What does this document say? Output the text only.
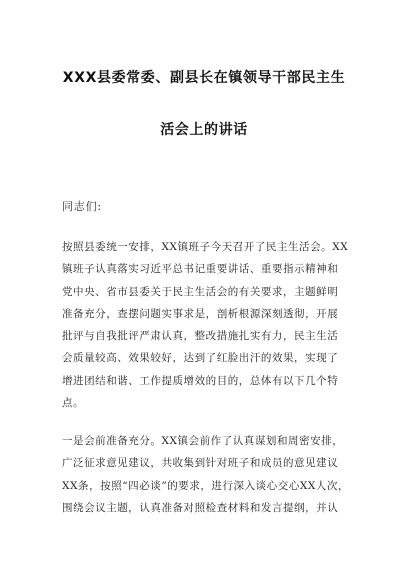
XXX县委常委、副县长在镇领导干部民主生
活会上的讲话
同志们:
按照县委统一安排，XX镇班子今天召开了民主生活会。XX
镇班子认真落实习近平总书记重要讲话、重要指示精神和
党中央、省市县委关于民主生活会的有关要求，主题鲜明
准备充分，查摆问题实事求是，剖析根源深刻透彻，开展
批评与自我批评严肃认真，整改措施扎实有力，民主生活
会质量较高、效果较好，达到了红脸出汗的效果，实现了
增进团结和谐、工作提质增效的目的，总体有以下几个特
点。
一是会前准备充分。XX镇会前作了认真谋划和周密安排，
广泛征求意见建议，共收集到针对班子和成员的意见建议
XX条，按照“四必谈”的要求，进行深入谈心交心XX人次，
围绕会议主题，认真准备对照检查材料和发言提纲，并认
